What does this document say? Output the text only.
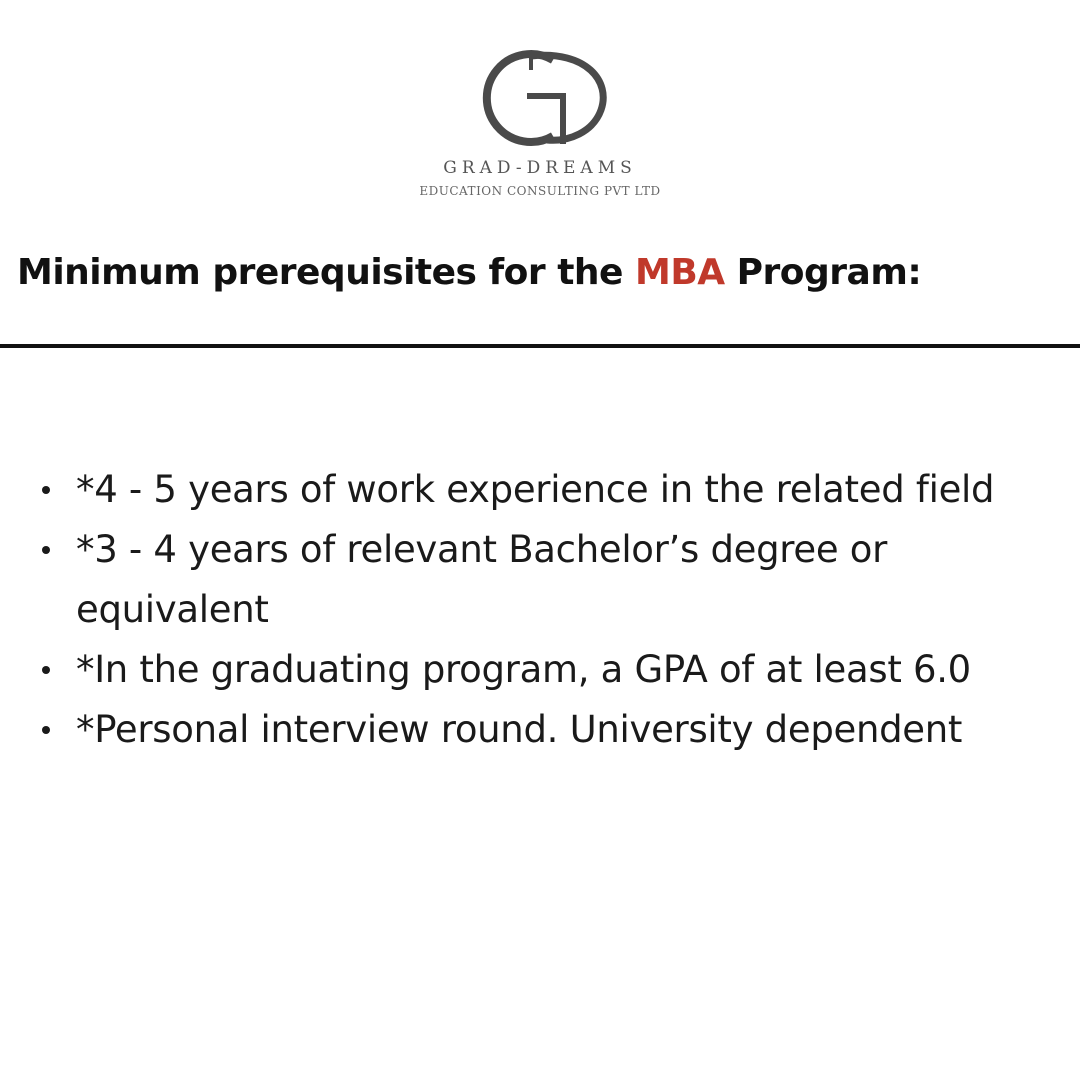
GRAD-DREAMS
EDUCATION CONSULTING PVT LTD
Minimum prerequisites for the MBA Program:
*4 - 5 years of work experience in the related field
*3 - 4 years of relevant Bachelor’s degree or equivalent
*In the graduating program, a GPA of at least 6.0
*Personal interview round. University dependent
